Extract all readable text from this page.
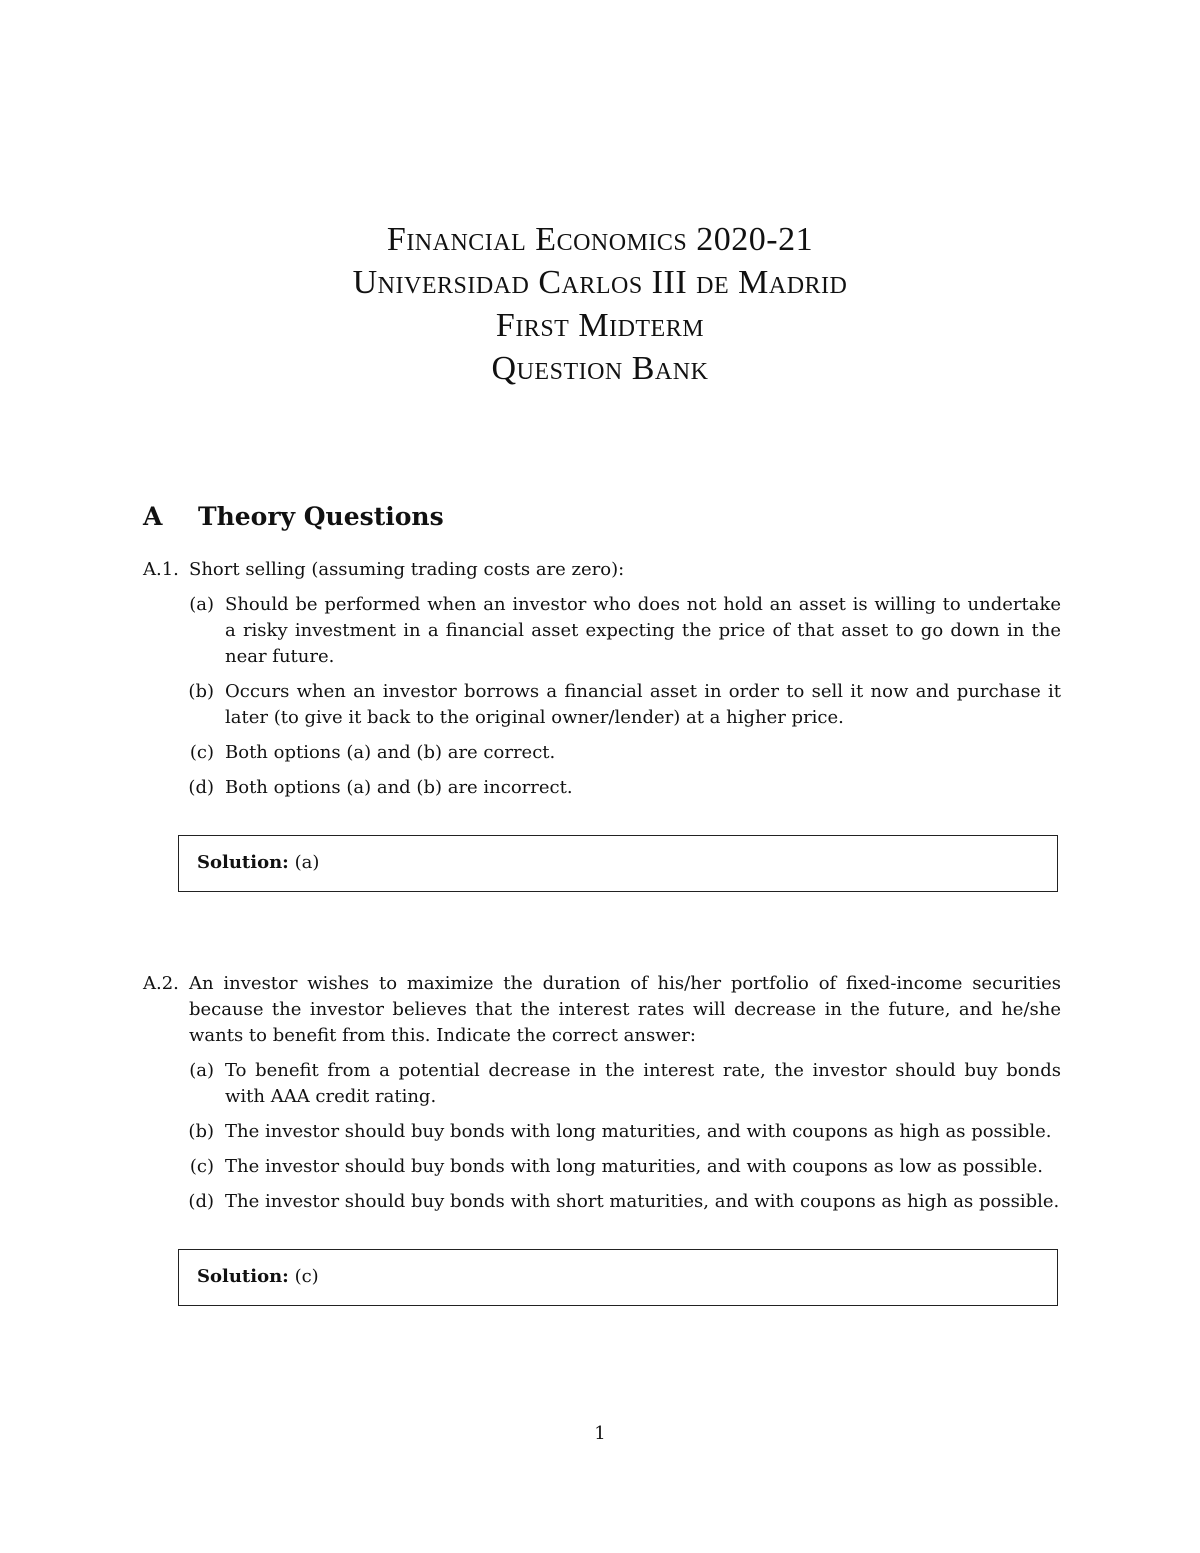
Financial Economics 2020-21
Universidad Carlos III de Madrid
First Midterm
Question Bank
A	Theory Questions
A.1. Short selling (assuming trading costs are zero):
(a) Should be performed when an investor who does not hold an asset is willing to undertake a risky investment in a financial asset expecting the price of that asset to go down in the near future.
(b) Occurs when an investor borrows a financial asset in order to sell it now and purchase it later (to give it back to the original owner/lender) at a higher price.
(c) Both options (a) and (b) are correct.
(d) Both options (a) and (b) are incorrect.
Solution: (a)
A.2. An investor wishes to maximize the duration of his/her portfolio of fixed-income securities because the investor believes that the interest rates will decrease in the future, and he/she wants to benefit from this. Indicate the correct answer:
(a) To benefit from a potential decrease in the interest rate, the investor should buy bonds with AAA credit rating.
(b) The investor should buy bonds with long maturities, and with coupons as high as possible.
(c) The investor should buy bonds with long maturities, and with coupons as low as possible.
(d) The investor should buy bonds with short maturities, and with coupons as high as possible.
Solution: (c)
1
